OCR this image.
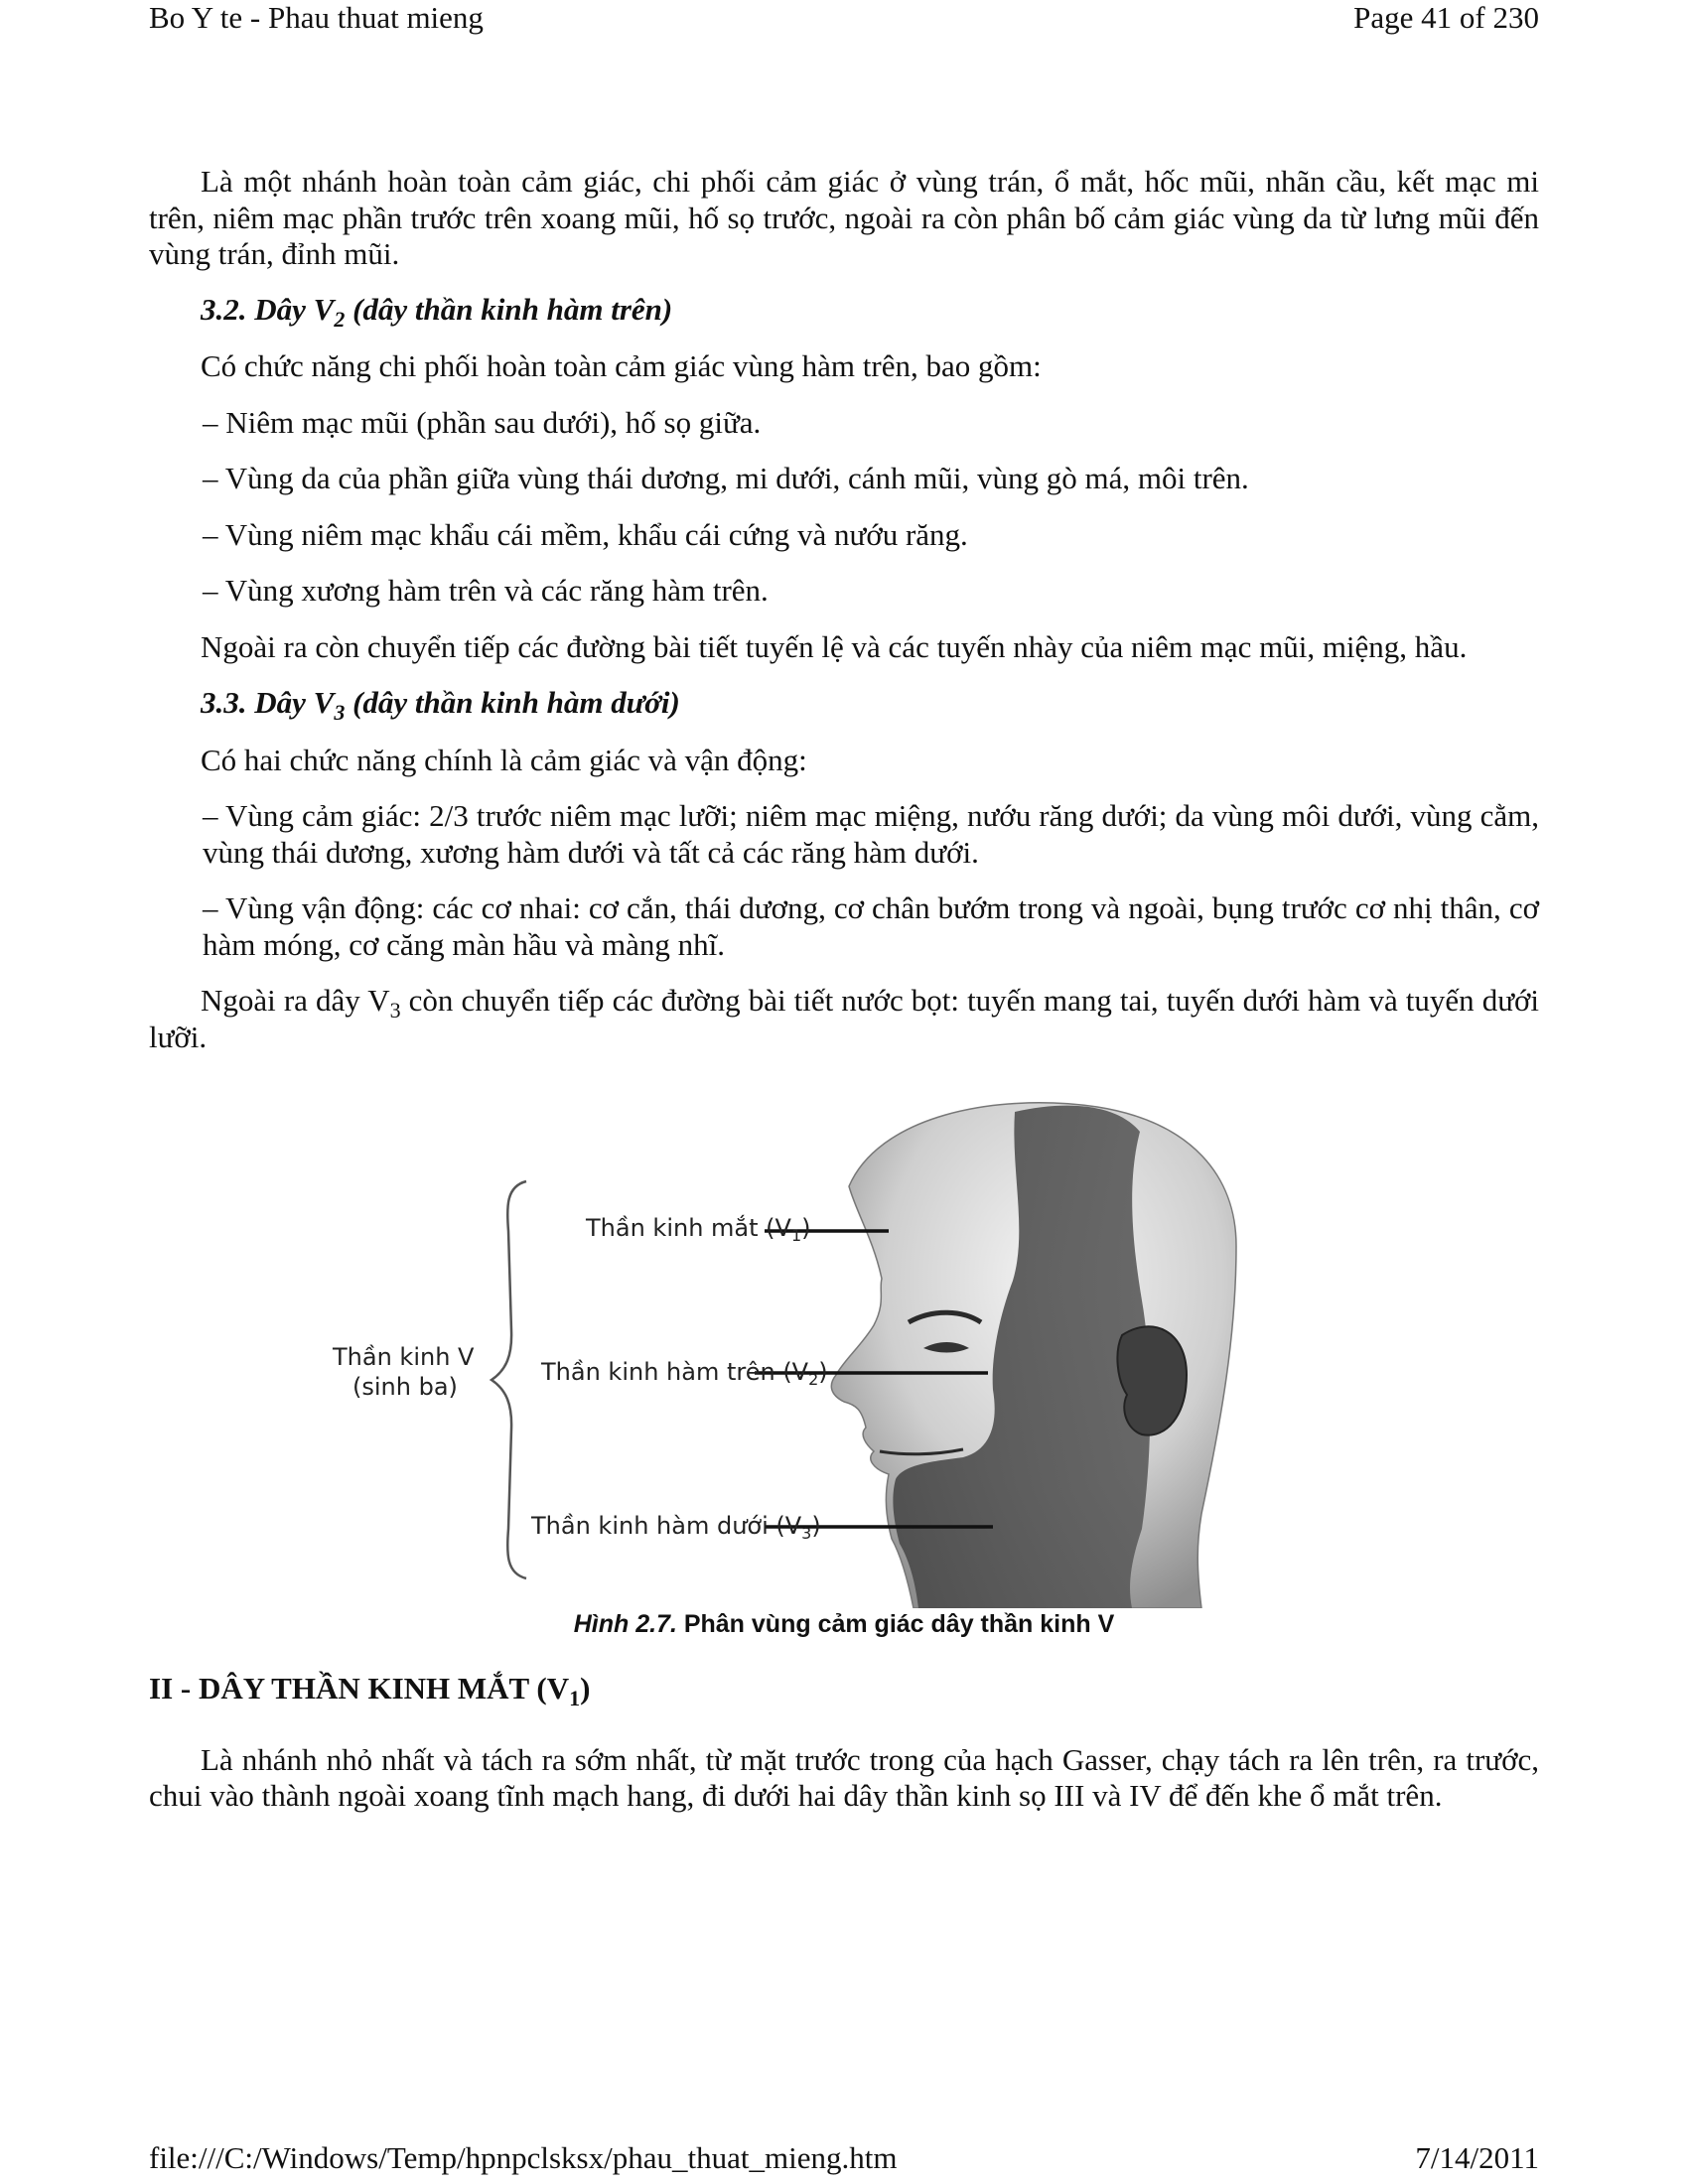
Bo Y te - Phau thuat mieng	Page 41 of 230

Là một nhánh hoàn toàn cảm giác, chi phối cảm giác ở vùng trán, ổ mắt, hốc mũi, nhãn cầu, kết mạc mi trên, niêm mạc phần trước trên xoang mũi, hố sọ trước, ngoài ra còn phân bố cảm giác vùng da từ lưng mũi đến vùng trán, đỉnh mũi.

3.2. Dây $V_2$ (dây thần kinh hàm trên)

Có chức năng chi phối hoàn toàn cảm giác vùng hàm trên, bao gồm:

– Niêm mạc mũi (phần sau dưới), hố sọ giữa.

– Vùng da của phần giữa vùng thái dương, mi dưới, cánh mũi, vùng gò má, môi trên.

– Vùng niêm mạc khẩu cái mềm, khẩu cái cứng và nướu răng.

– Vùng xương hàm trên và các răng hàm trên.

Ngoài ra còn chuyển tiếp các đường bài tiết tuyến lệ và các tuyến nhày của niêm mạc mũi, miệng, hầu.

3.3. Dây $V_3$ (dây thần kinh hàm dưới)

Có hai chức năng chính là cảm giác và vận động:

– Vùng cảm giác: 2/3 trước niêm mạc lưỡi; niêm mạc miệng, nướu răng dưới; da vùng môi dưới, vùng cằm, vùng thái dương, xương hàm dưới và tất cả các răng hàm dưới.

– Vùng vận động: các cơ nhai: cơ cắn, thái dương, cơ chân bướm trong và ngoài, bụng trước cơ nhị thân, cơ hàm móng, cơ căng màn hầu và màng nhĩ.

Ngoài ra dây $V_3$ còn chuyển tiếp các đường bài tiết nước bọt: tuyến mang tai, tuyến dưới hàm và tuyến dưới lưỡi.

Thần kinh V
(sinh ba)
Thần kinh mắt $(V_1)$
Thần kinh hàm trên $(V_2)$
Thần kinh hàm dưới $(V_3)$

Hình 2.7. Phân vùng cảm giác dây thần kinh V

II - DÂY THẦN KINH MẮT $(V_1)$

Là nhánh nhỏ nhất và tách ra sớm nhất, từ mặt trước trong của hạch Gasser, chạy tách ra lên trên, ra trước, chui vào thành ngoài xoang tĩnh mạch hang, đi dưới hai dây thần kinh sọ III và IV để đến khe ổ mắt trên.

file:///C:/Windows/Temp/hpnpclsksx/phau_thuat_mieng.htm	7/14/2011
